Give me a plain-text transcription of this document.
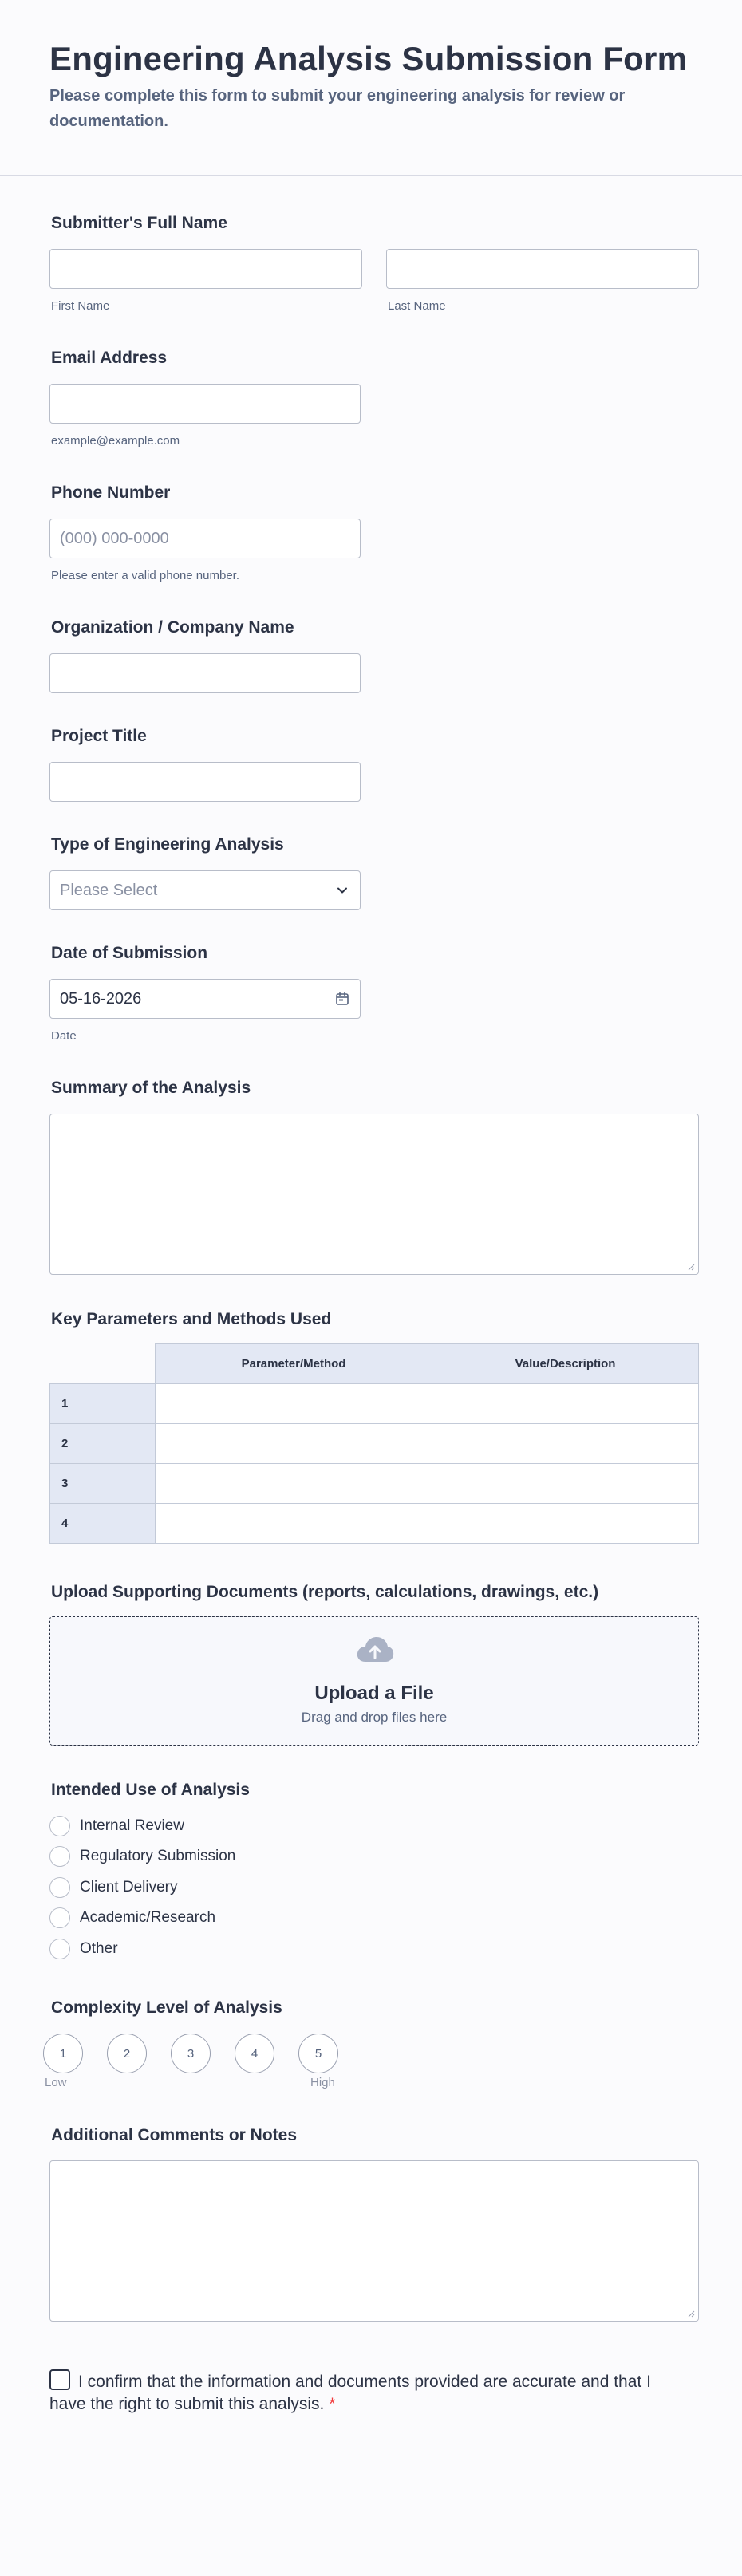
Engineering Analysis Submission Form
Please complete this form to submit your engineering analysis for review or documentation.
Submitter's Full Name
First Name	Last Name
Email Address
example@example.com
Phone Number
(000) 000-0000
Please enter a valid phone number.
Organization / Company Name
Project Title
Type of Engineering Analysis
Please Select
Date of Submission
05-16-2026
Date
Summary of the Analysis
Key Parameters and Methods Used
	Parameter/Method	Value/Description
1		
2		
3		
4		
Upload Supporting Documents (reports, calculations, drawings, etc.)
Upload a File
Drag and drop files here
Intended Use of Analysis
Internal Review
Regulatory Submission
Client Delivery
Academic/Research
Other
Complexity Level of Analysis
1	2	3	4	5
Low	High
Additional Comments or Notes
I confirm that the information and documents provided are accurate and that I have the right to submit this analysis. *
